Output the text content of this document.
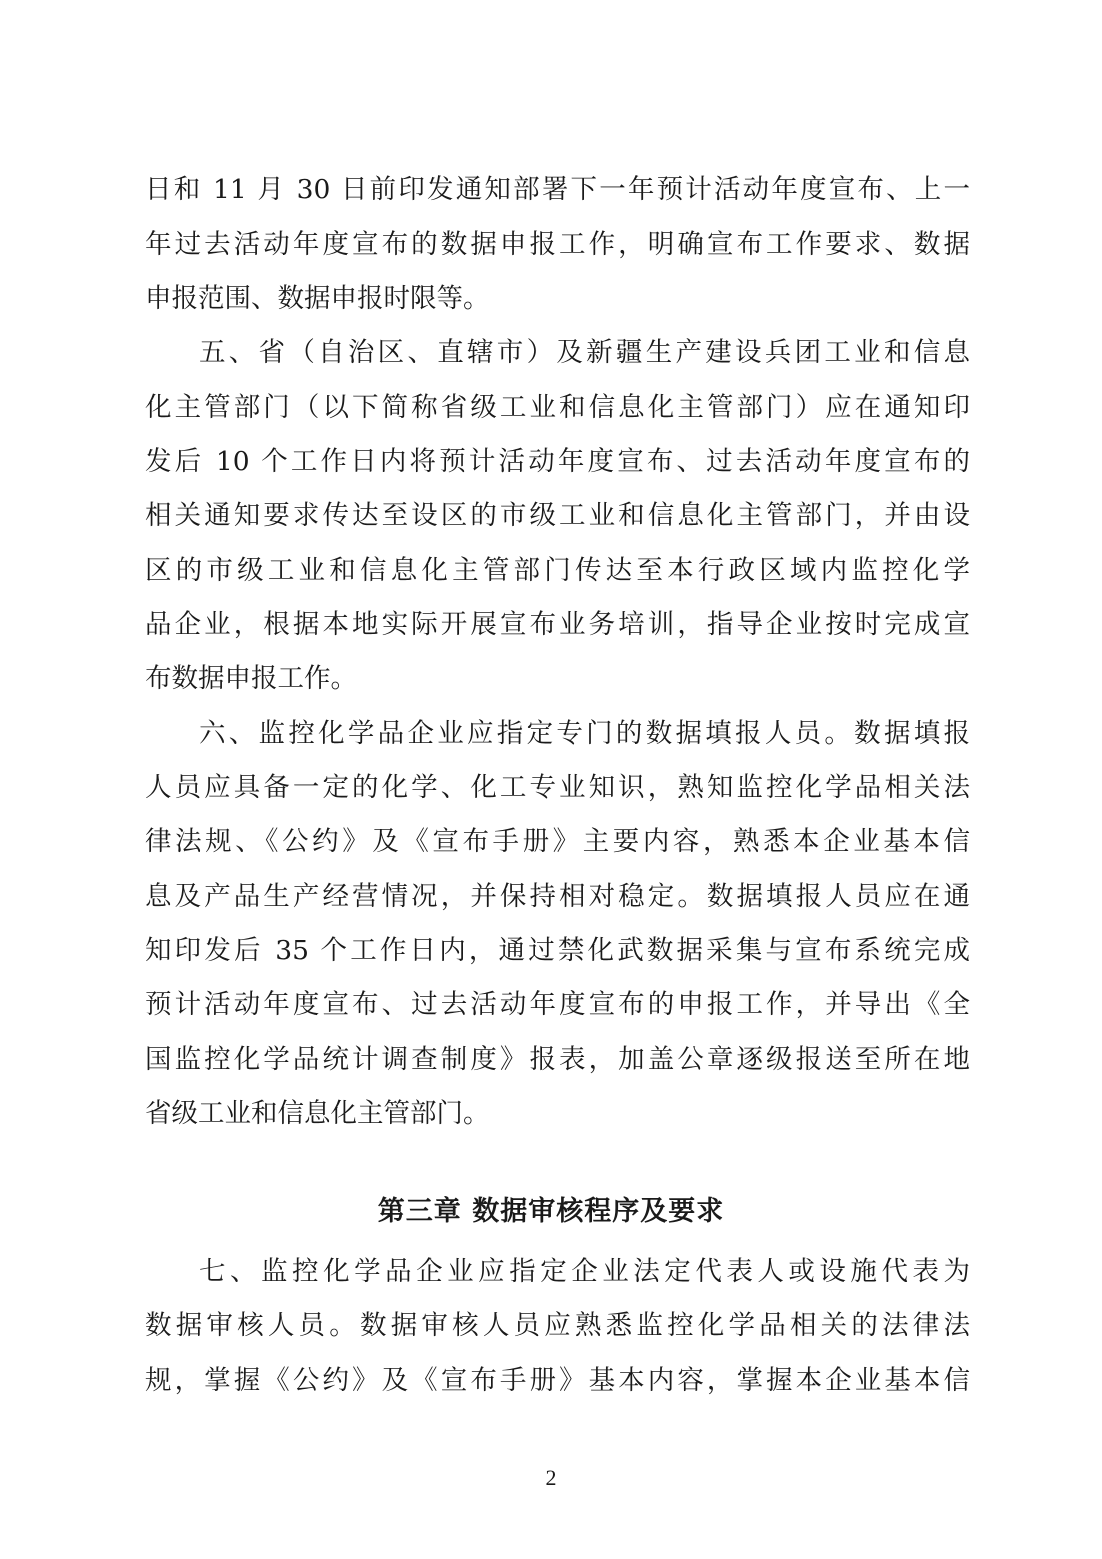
日和 11 月 30 日前印发通知部署下一年预计活动年度宣布、上一
年过去活动年度宣布的数据申报工作，明确宣布工作要求、数据
申报范围、数据申报时限等。
五、省（自治区、直辖市）及新疆生产建设兵团工业和信息
化主管部门（以下简称省级工业和信息化主管部门）应在通知印
发后 10 个工作日内将预计活动年度宣布、过去活动年度宣布的
相关通知要求传达至设区的市级工业和信息化主管部门，并由设
区的市级工业和信息化主管部门传达至本行政区域内监控化学
品企业，根据本地实际开展宣布业务培训，指导企业按时完成宣
布数据申报工作。
六、监控化学品企业应指定专门的数据填报人员。数据填报
人员应具备一定的化学、化工专业知识，熟知监控化学品相关法
律法规、《公约》及《宣布手册》主要内容，熟悉本企业基本信
息及产品生产经营情况，并保持相对稳定。数据填报人员应在通
知印发后 35 个工作日内，通过禁化武数据采集与宣布系统完成
预计活动年度宣布、过去活动年度宣布的申报工作，并导出《全
国监控化学品统计调查制度》报表，加盖公章逐级报送至所在地
省级工业和信息化主管部门。
第三章 数据审核程序及要求
七、监控化学品企业应指定企业法定代表人或设施代表为
数据审核人员。数据审核人员应熟悉监控化学品相关的法律法
规，掌握《公约》及《宣布手册》基本内容，掌握本企业基本信
2
